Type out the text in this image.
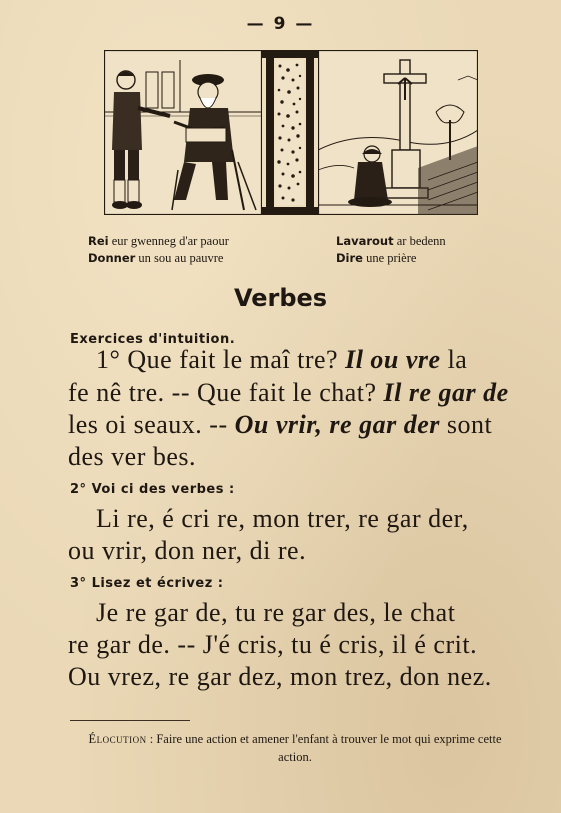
— 9 —
Rei eur gwenneg d'ar paour
Donner un sou au pauvre
Lavarout ar bedenn
Dire une prière
Verbes
Exercices d'intuition.
1° Que fait le maî tre? Il ou vre la
fe nê tre. -- Que fait le chat? Il re gar de
les oi seaux. -- Ou vrir, re gar der sont
des ver bes.
2° Voi ci des verbes :
Li re, é cri re, mon trer, re gar der,
ou vrir, don ner, di re.
3° Lisez et écrivez :
Je re gar de, tu re gar des, le chat
re gar de. -- J'é cris, tu é cris, il é crit.
Ou vrez, re gar dez, mon trez, don nez.
Élocution : Faire une action et amener l'enfant à trouver le mot qui exprime cette action.
